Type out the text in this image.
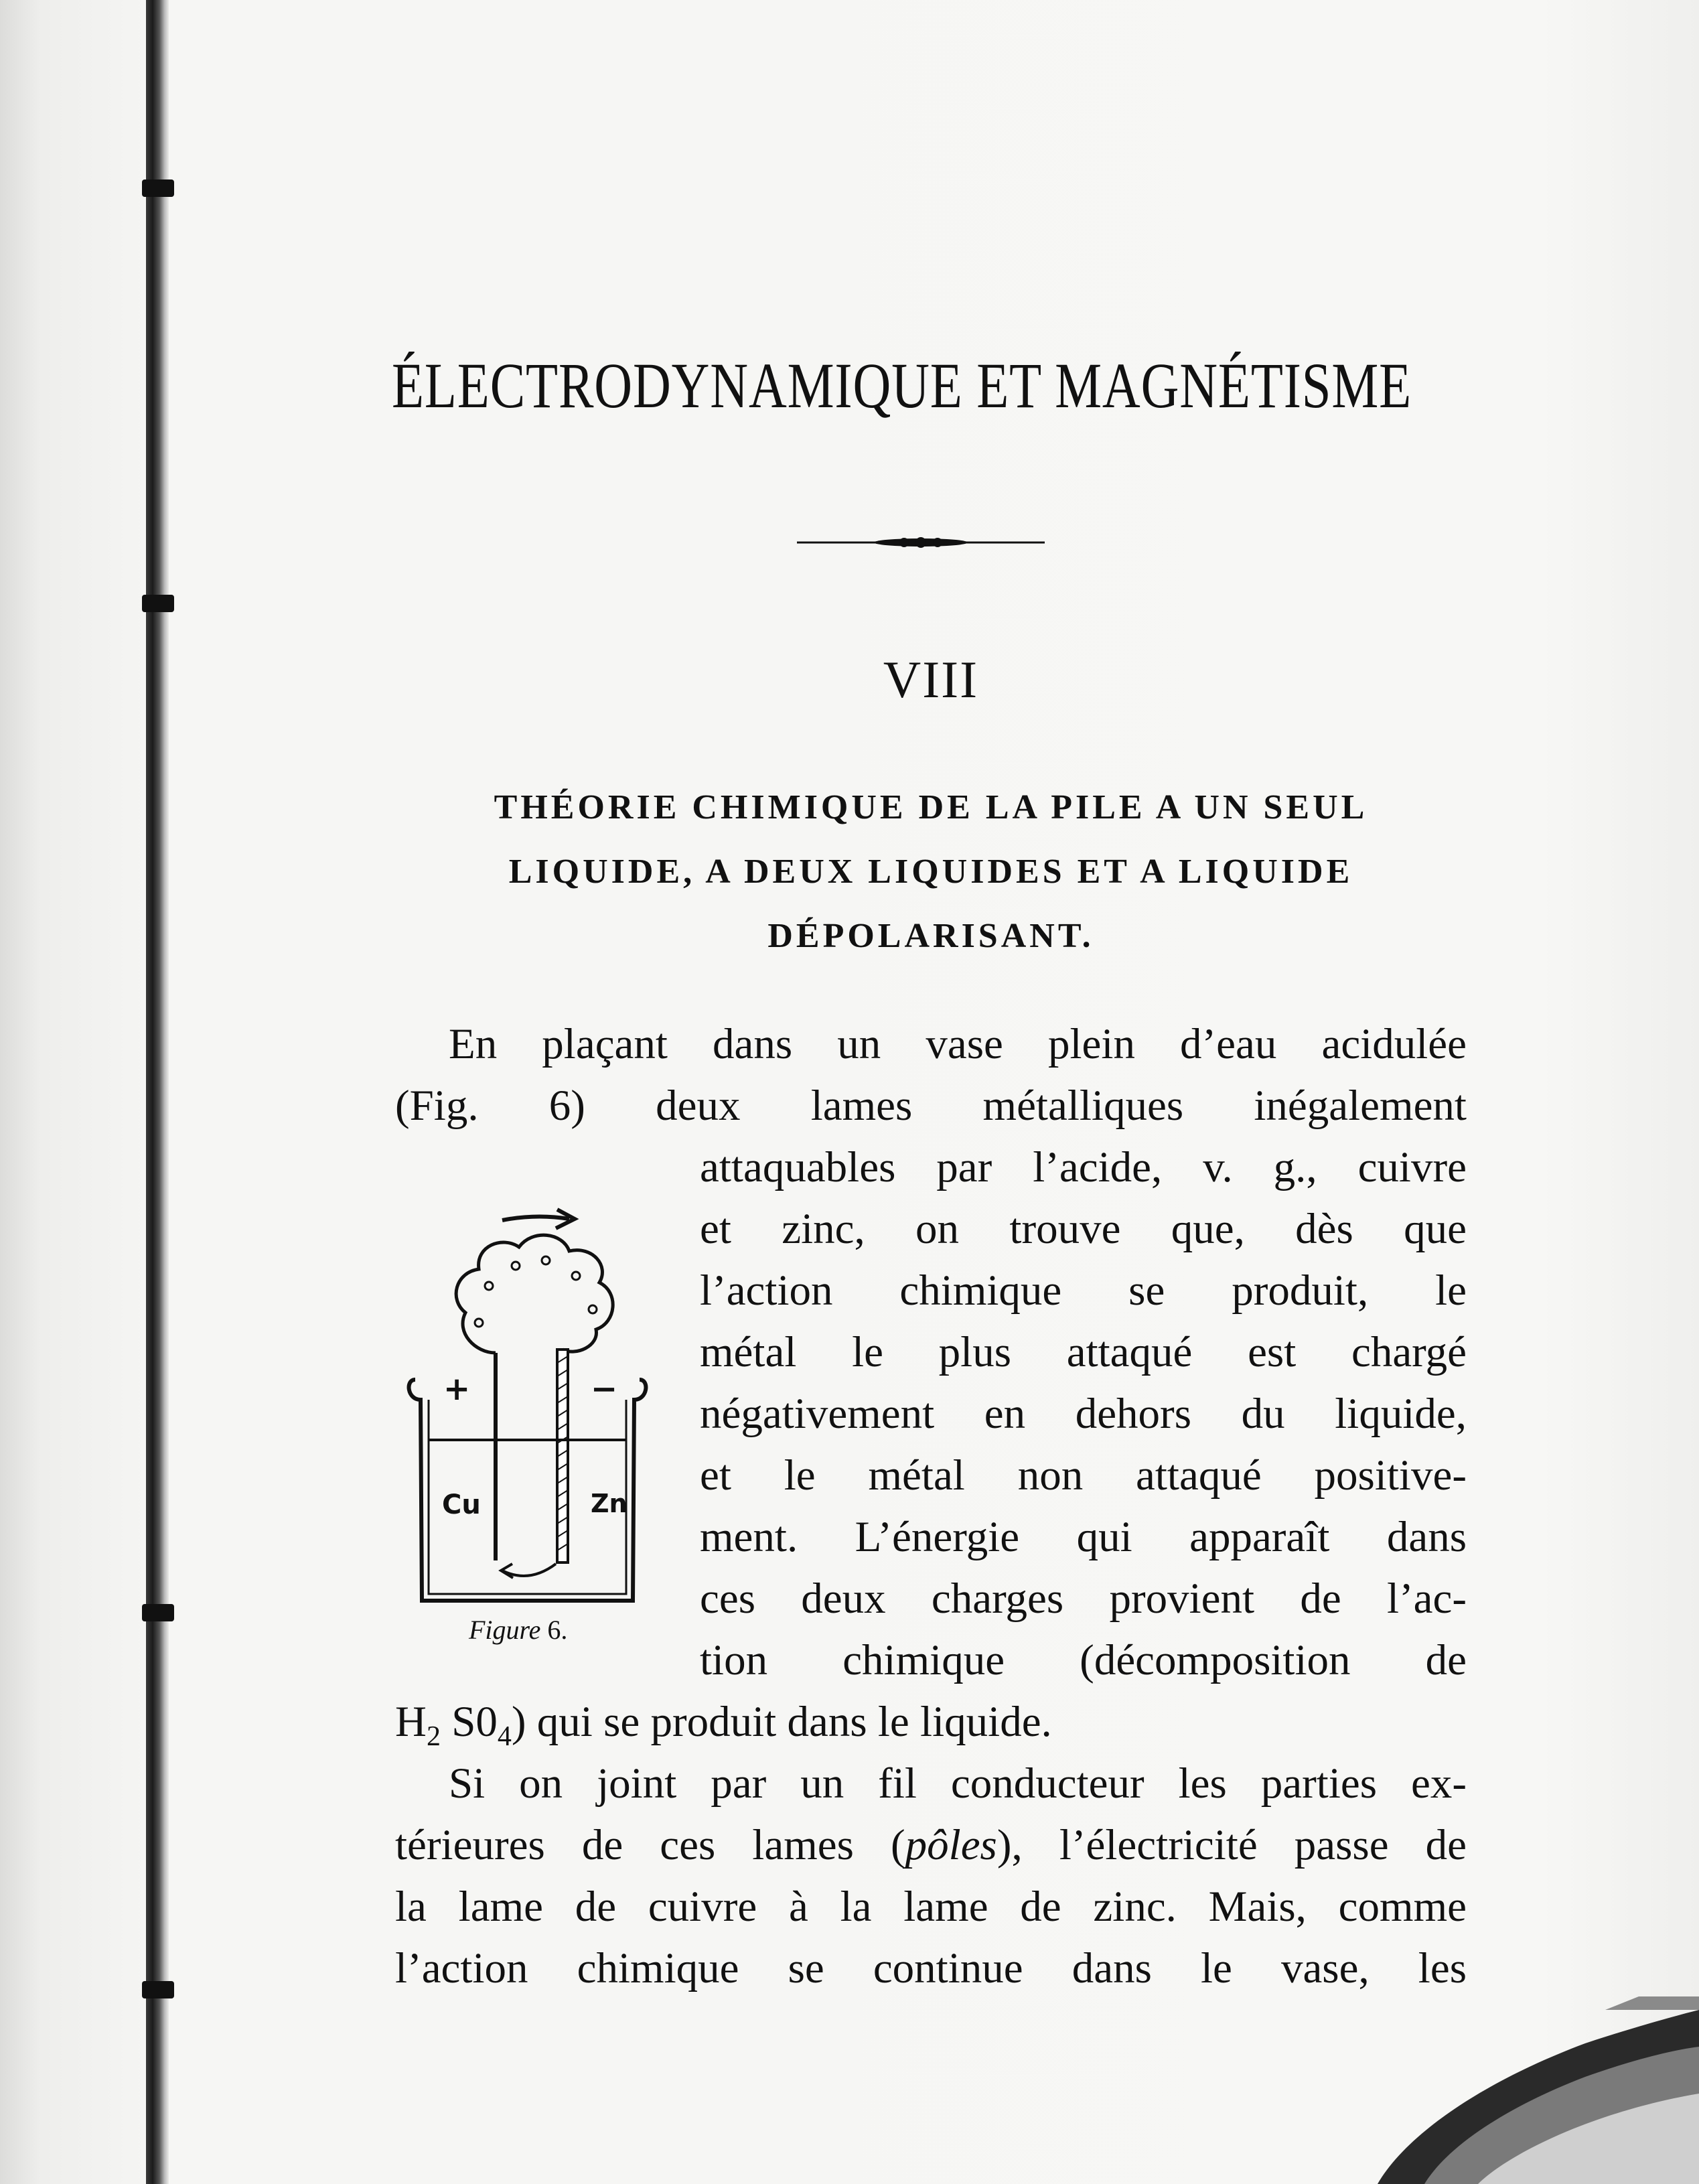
ÉLECTRODYNAMIQUE ET MAGNÉTISME
VIII
THÉORIE CHIMIQUE DE LA PILE A UN SEUL
LIQUIDE, A DEUX LIQUIDES ET A LIQUIDE
DÉPOLARISANT.
En plaçant dans un vase plein d’eau acidulée
(Fig. 6) deux lames métalliques inégalement
attaquables par l’acide, v. g., cuivre
et zinc, on trouve que, dès que
l’action chimique se produit, le
métal le plus attaqué est chargé
négativement en dehors du liquide,
et le métal non attaqué positive-
ment. L’énergie qui apparaît dans
ces deux charges provient de l’ac-
tion chimique (décomposition de
$H_2$ $S0_4$) qui se produit dans le liquide.
Si on joint par un fil conducteur les parties ex-
térieures de ces lames (pôles), l’électricité passe de
la lame de cuivre à la lame de zinc. Mais, comme
l’action chimique se continue dans le vase, les
+	−
Cu	Zn
Figure 6.
